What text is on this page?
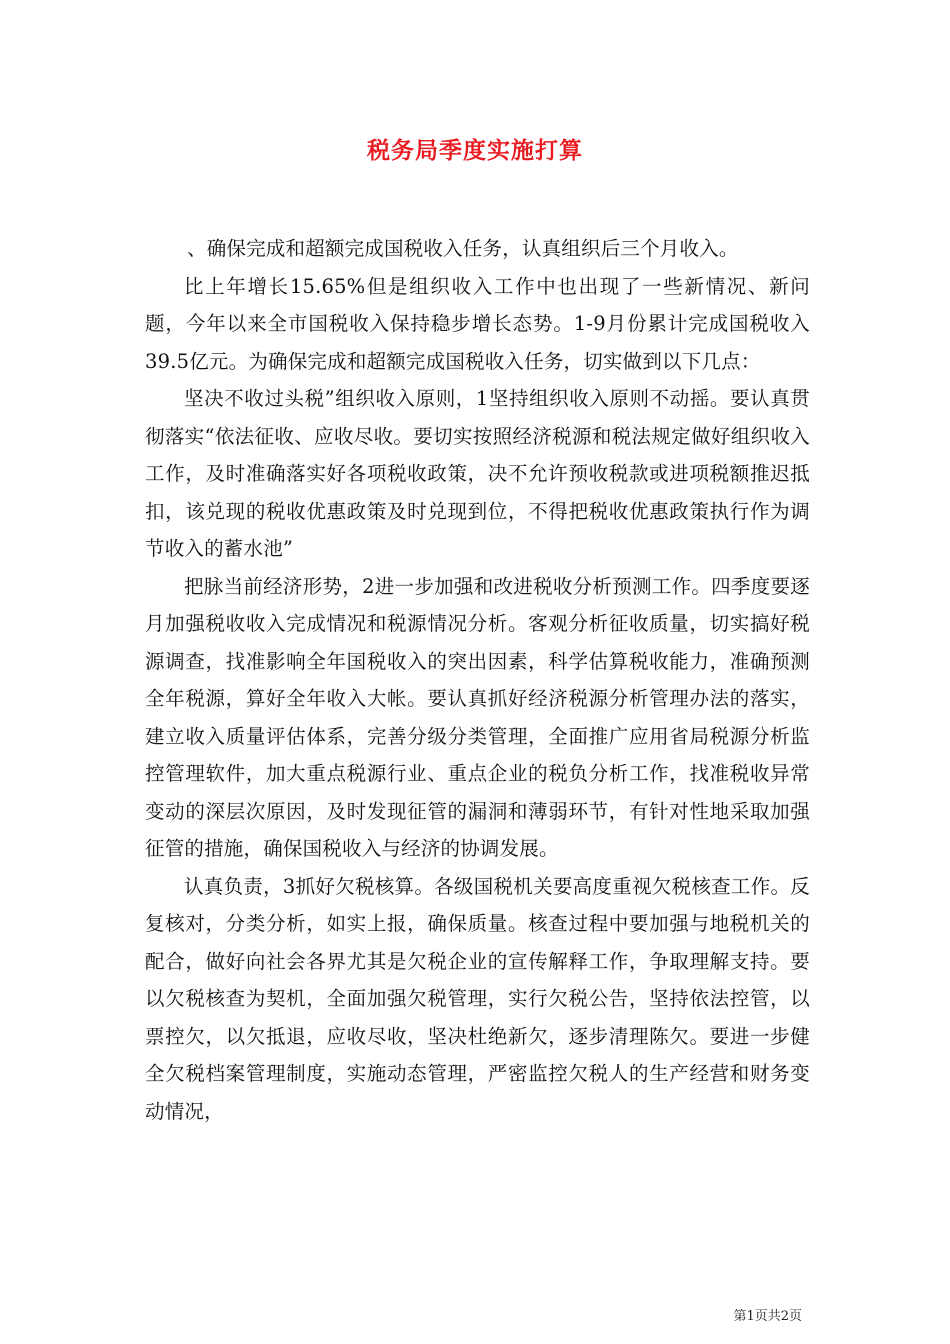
税务局季度实施打算

、确保完成和超额完成国税收入任务，认真组织后三个月收入。

比上年增长15.65%但是组织收入工作中也出现了一些新情况、新问题，今年以来全市国税收入保持稳步增长态势。1-9月份累计完成国税收入39.5亿元。为确保完成和超额完成国税收入任务，切实做到以下几点：

坚决不收过头税”组织收入原则，1坚持组织收入原则不动摇。要认真贯彻落实“依法征收、应收尽收。要切实按照经济税源和税法规定做好组织收入工作，及时准确落实好各项税收政策，决不允许预收税款或进项税额推迟抵扣，该兑现的税收优惠政策及时兑现到位，不得把税收优惠政策执行作为调节收入的蓄水池”

把脉当前经济形势，2进一步加强和改进税收分析预测工作。四季度要逐月加强税收收入完成情况和税源情况分析。客观分析征收质量，切实搞好税源调查，找准影响全年国税收入的突出因素，科学估算税收能力，准确预测全年税源，算好全年收入大帐。要认真抓好经济税源分析管理办法的落实，建立收入质量评估体系，完善分级分类管理，全面推广应用省局税源分析监控管理软件，加大重点税源行业、重点企业的税负分析工作，找准税收异常变动的深层次原因，及时发现征管的漏洞和薄弱环节，有针对性地采取加强征管的措施，确保国税收入与经济的协调发展。

认真负责，3抓好欠税核算。各级国税机关要高度重视欠税核查工作。反复核对，分类分析，如实上报，确保质量。核查过程中要加强与地税机关的配合，做好向社会各界尤其是欠税企业的宣传解释工作，争取理解支持。要以欠税核查为契机，全面加强欠税管理，实行欠税公告，坚持依法控管，以票控欠，以欠抵退，应收尽收，坚决杜绝新欠，逐步清理陈欠。要进一步健全欠税档案管理制度，实施动态管理，严密监控欠税人的生产经营和财务变动情况，

第1页共2页
